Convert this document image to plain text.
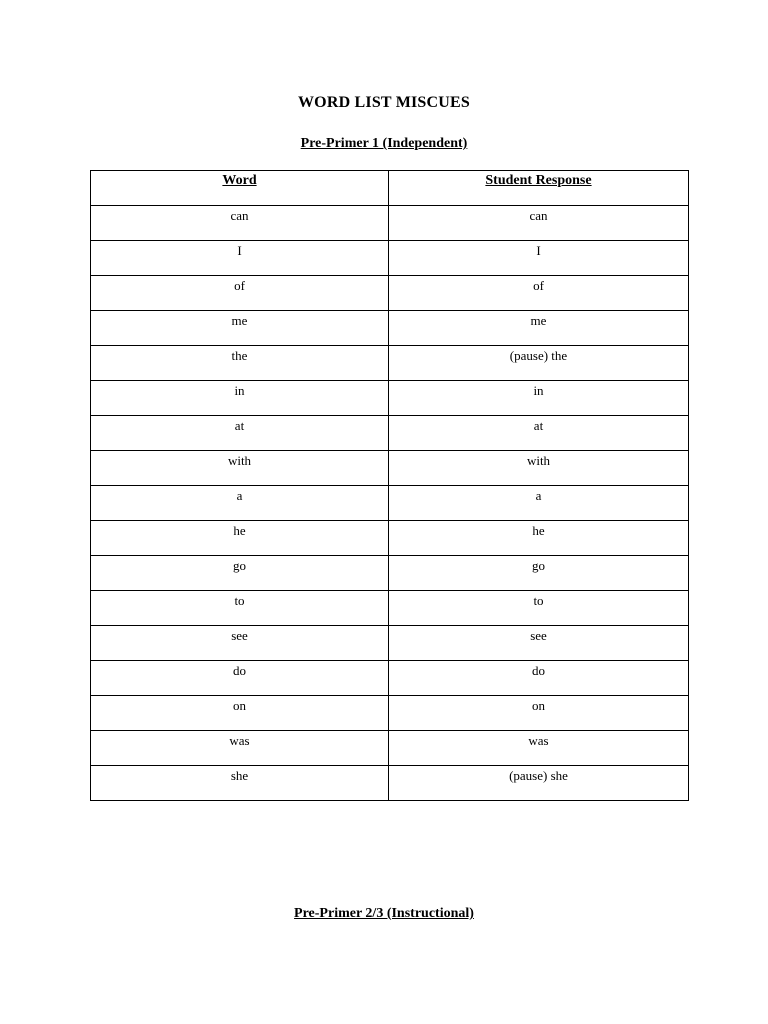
WORD LIST MISCUES
Pre-Primer 1 (Independent)
Word	Student Response

can	can

I	I

of	of

me	me

the	(pause) the

in	in

at	at

with	with

a	a

he	he

go	go

to	to

see	see

do	do

on	on

was	was

she	(pause) she
Pre-Primer 2/3 (Instructional)
